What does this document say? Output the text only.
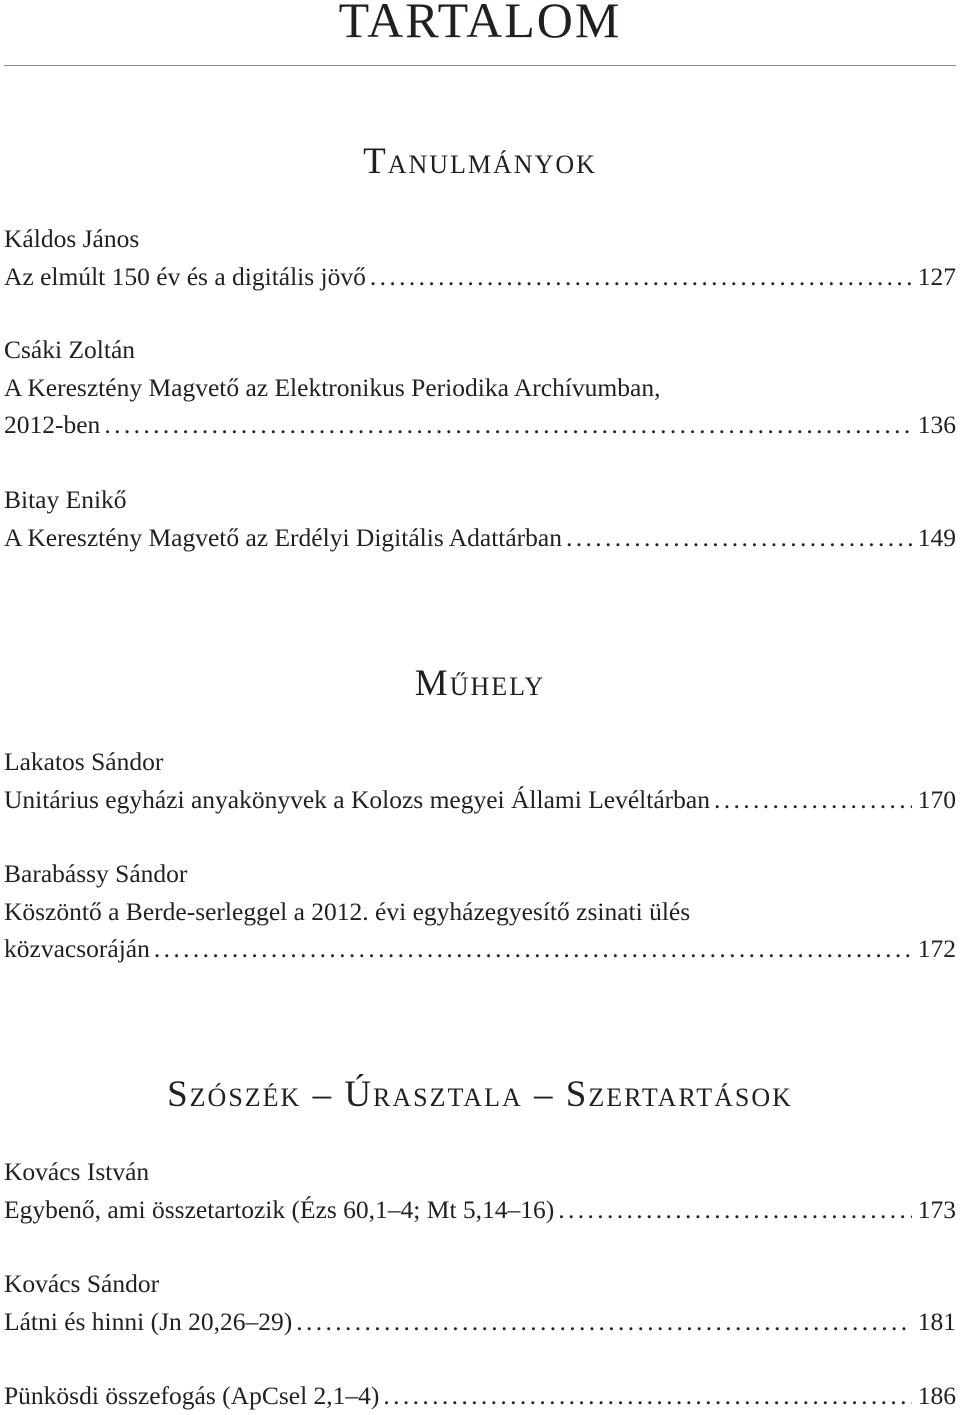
TARTALOM
Tanulmányok
Káldos János
Az elmúlt 150 év és a digitális jövő . . .	127
Csáki Zoltán
A Keresztény Magvető az Elektronikus Periodika Archívumban,
2012-ben . . .	136
Bitay Enikő
A Keresztény Magvető az Erdélyi Digitális Adattárban . . .	149
Műhely
Lakatos Sándor
Unitárius egyházi anyakönyvek a Kolozs megyei Állami Levéltárban . . .	170
Barabássy Sándor
Köszöntő a Berde-serleggel a 2012. évi egyházegyesítő zsinati ülés
közvacsoráján . . .	172
Szószék – Úrasztala – Szertartások
Kovács István
Egybenő, ami összetartozik (Ézs 60,1–4; Mt 5,14–16) . . .	173
Kovács Sándor
Látni és hinni (Jn 20,26–29) . . .	181
Pünkösdi összefogás (ApCsel 2,1–4) . . .	186
